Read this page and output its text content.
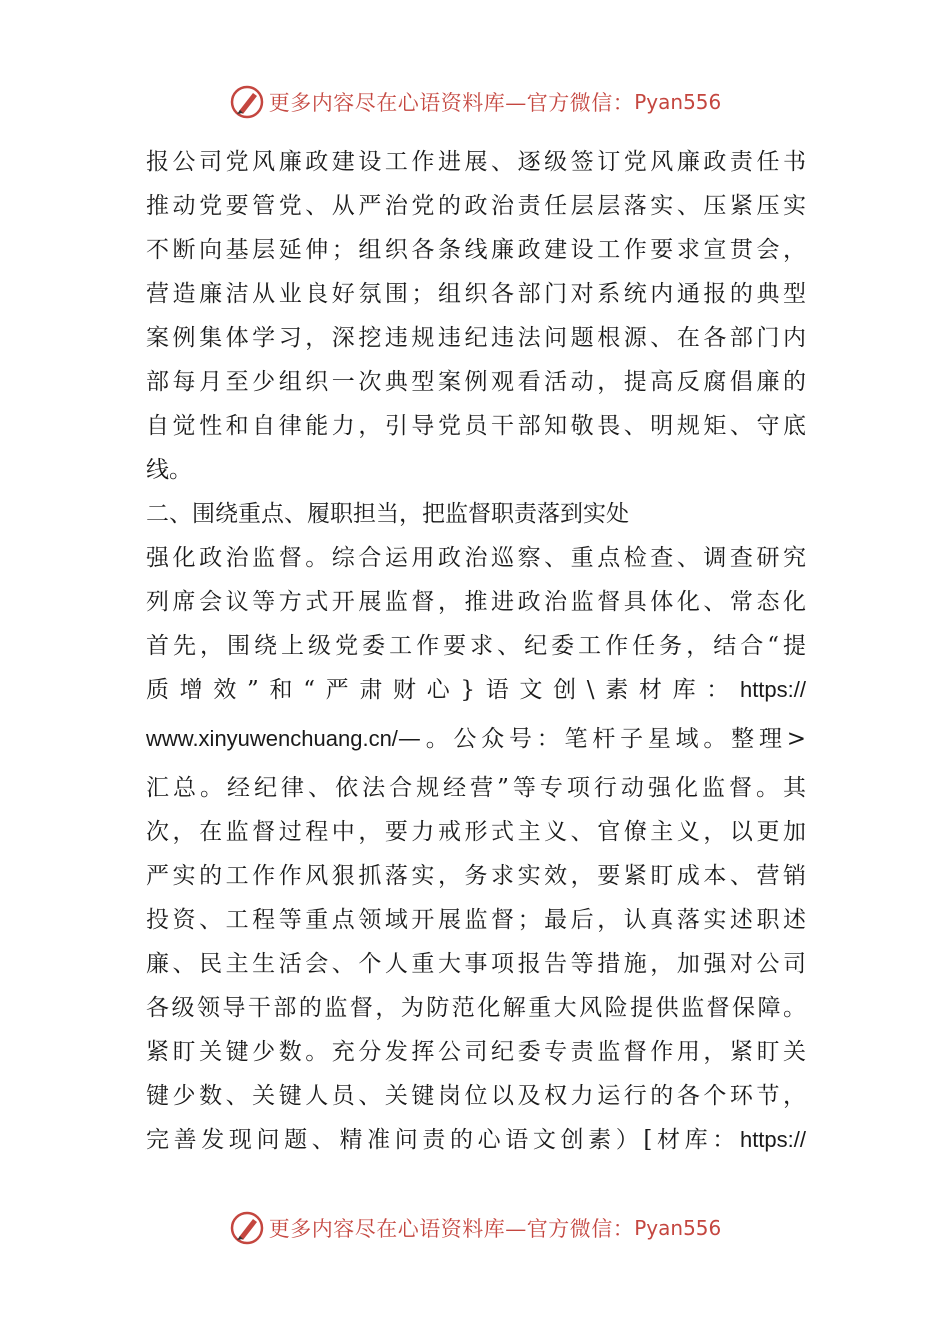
更多内容尽在心语资料库—官方微信： Pyan556
报公司党风廉政建设工作进展、逐级签订党风廉政责任书
推动党要管党、从严治党的政治责任层层落实、压紧压实
不断向基层延伸；组织各条线廉政建设工作要求宣贯会，
营造廉洁从业良好氛围；组织各部门对系统内通报的典型
案例集体学习，深挖违规违纪违法问题根源、在各部门内
部每月至少组织一次典型案例观看活动，提高反腐倡廉的
自觉性和自律能力，引导党员干部知敬畏、明规矩、守底
线。
二、围绕重点、履职担当，把监督职责落到实处
强化政治监督。综合运用政治巡察、重点检查、调查研究
列席会议等方式开展监督，推进政治监督具体化、常态化
首先，围绕上级党委工作要求、纪委工作任务，结合“提
质增效”和“严肃财心}语文创\素材库：https://
www.xinyuwenchuang.cn/—。公众号：笔杆子星域。整理>
汇总。经纪律、依法合规经营”等专项行动强化监督。其
次，在监督过程中，要力戒形式主义、官僚主义，以更加
严实的工作作风狠抓落实，务求实效，要紧盯成本、营销
投资、工程等重点领域开展监督；最后，认真落实述职述
廉、民主生活会、个人重大事项报告等措施，加强对公司
各级领导干部的监督，为防范化解重大风险提供监督保障。
紧盯关键少数。充分发挥公司纪委专责监督作用，紧盯关
键少数、关键人员、关键岗位以及权力运行的各个环节，
完善发现问题、精准问责的心语文创素）[材库：https://
更多内容尽在心语资料库—官方微信： Pyan556
